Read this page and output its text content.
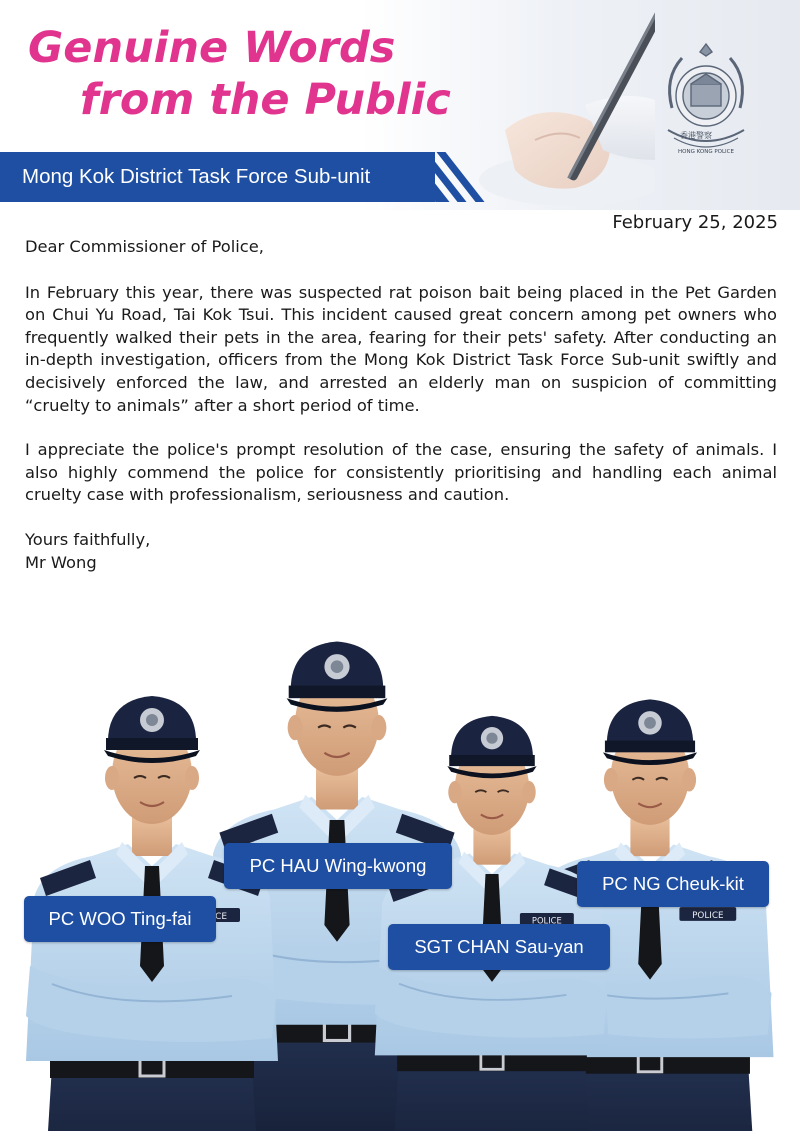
香港警察
HONG KONG POLICE
Genuine Words
from the Public
Mong Kok District Task Force Sub-unit
February 25, 2025

Dear Commissioner of Police,

In February this year, there was suspected rat poison bait being placed in the Pet Garden on Chui Yu Road, Tai Kok Tsui. This incident caused great concern among pet owners who frequently walked their pets in the area, fearing for their pets' safety. After conducting an in-depth investigation, officers from the Mong Kok District Task Force Sub-unit swiftly and decisively enforced the law, and arrested an elderly man on suspicion of committing “cruelty to animals” after a short period of time.

I appreciate the police's prompt resolution of the case, ensuring the safety of animals. I also highly commend the police for consistently prioritising and handling each animal cruelty case with professionalism, seriousness and caution.

Yours faithfully,

Mr Wong

PC WOO Ting-fai
PC HAU Wing-kwong
SGT CHAN Sau-yan
PC NG Cheuk-kit
